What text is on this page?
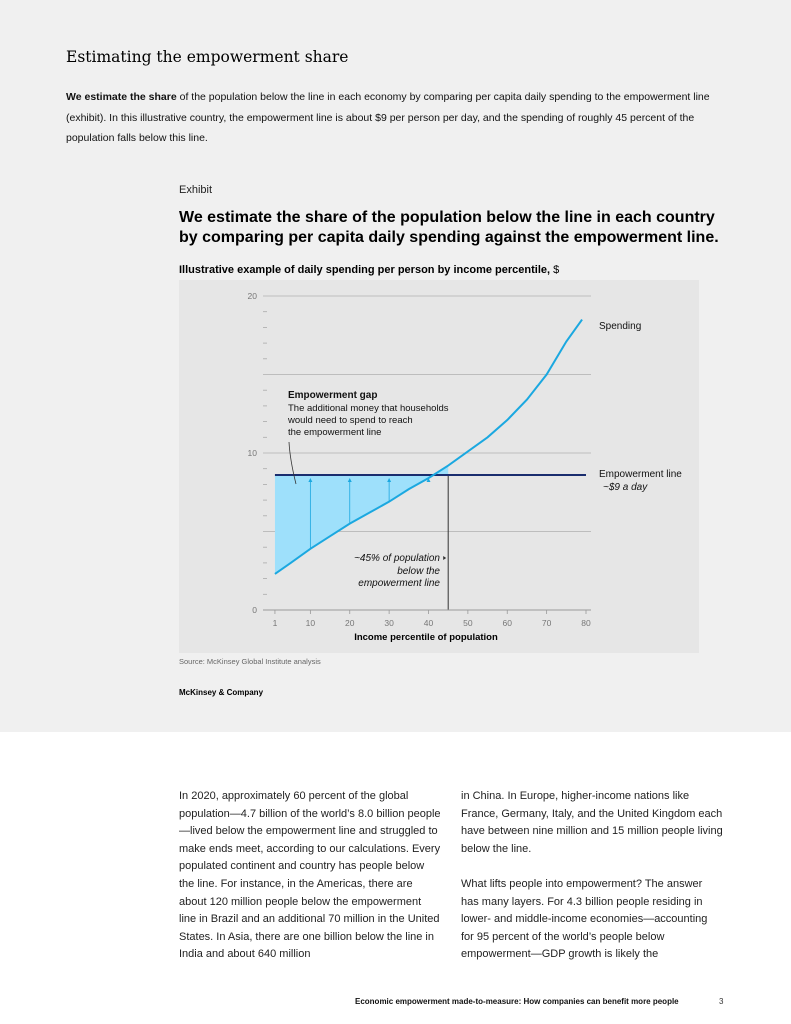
Estimating the empowerment share

We estimate the share of the population below the line in each economy by comparing per capita daily spending to the empowerment line (exhibit). In this illustrative country, the empowerment line is about $9 per person per day, and the spending of roughly 45 percent of the population falls below this line.

Exhibit
We estimate the share of the population below the line in each country by comparing per capita daily spending against the empowerment line.

Illustrative example of daily spending per person by income percentile, $

0
10
20
1	10	20	30	40	50	60	70	80
Income percentile of population
Spending
Empowerment line
~$9 a day
Empowerment gap
The additional money that households
would need to spend to reach
the empowerment line
~45% of population
below the
empowerment line
Source: McKinsey Global Institute analysis
McKinsey & Company

In 2020, approximately 60 percent of the global population—4.7 billion of the world’s 8.0 billion people—lived below the empowerment line and struggled to make ends meet, according to our calculations. Every populated continent and country has people below the line. For instance, in the Americas, there are about 120 million people below the empowerment line in Brazil and an additional 70 million in the United States. In Asia, there are one billion below the line in India and about 640 million

in China. In Europe, higher-income nations like France, Germany, Italy, and the United Kingdom each have between nine million and 15 million people living below the line.

What lifts people into empowerment? The answer has many layers. For 4.3 billion people residing in lower- and middle-income economies—accounting for 95 percent of the world’s people below empowerment—GDP growth is likely the

Economic empowerment made-to-measure: How companies can benefit more people	3
